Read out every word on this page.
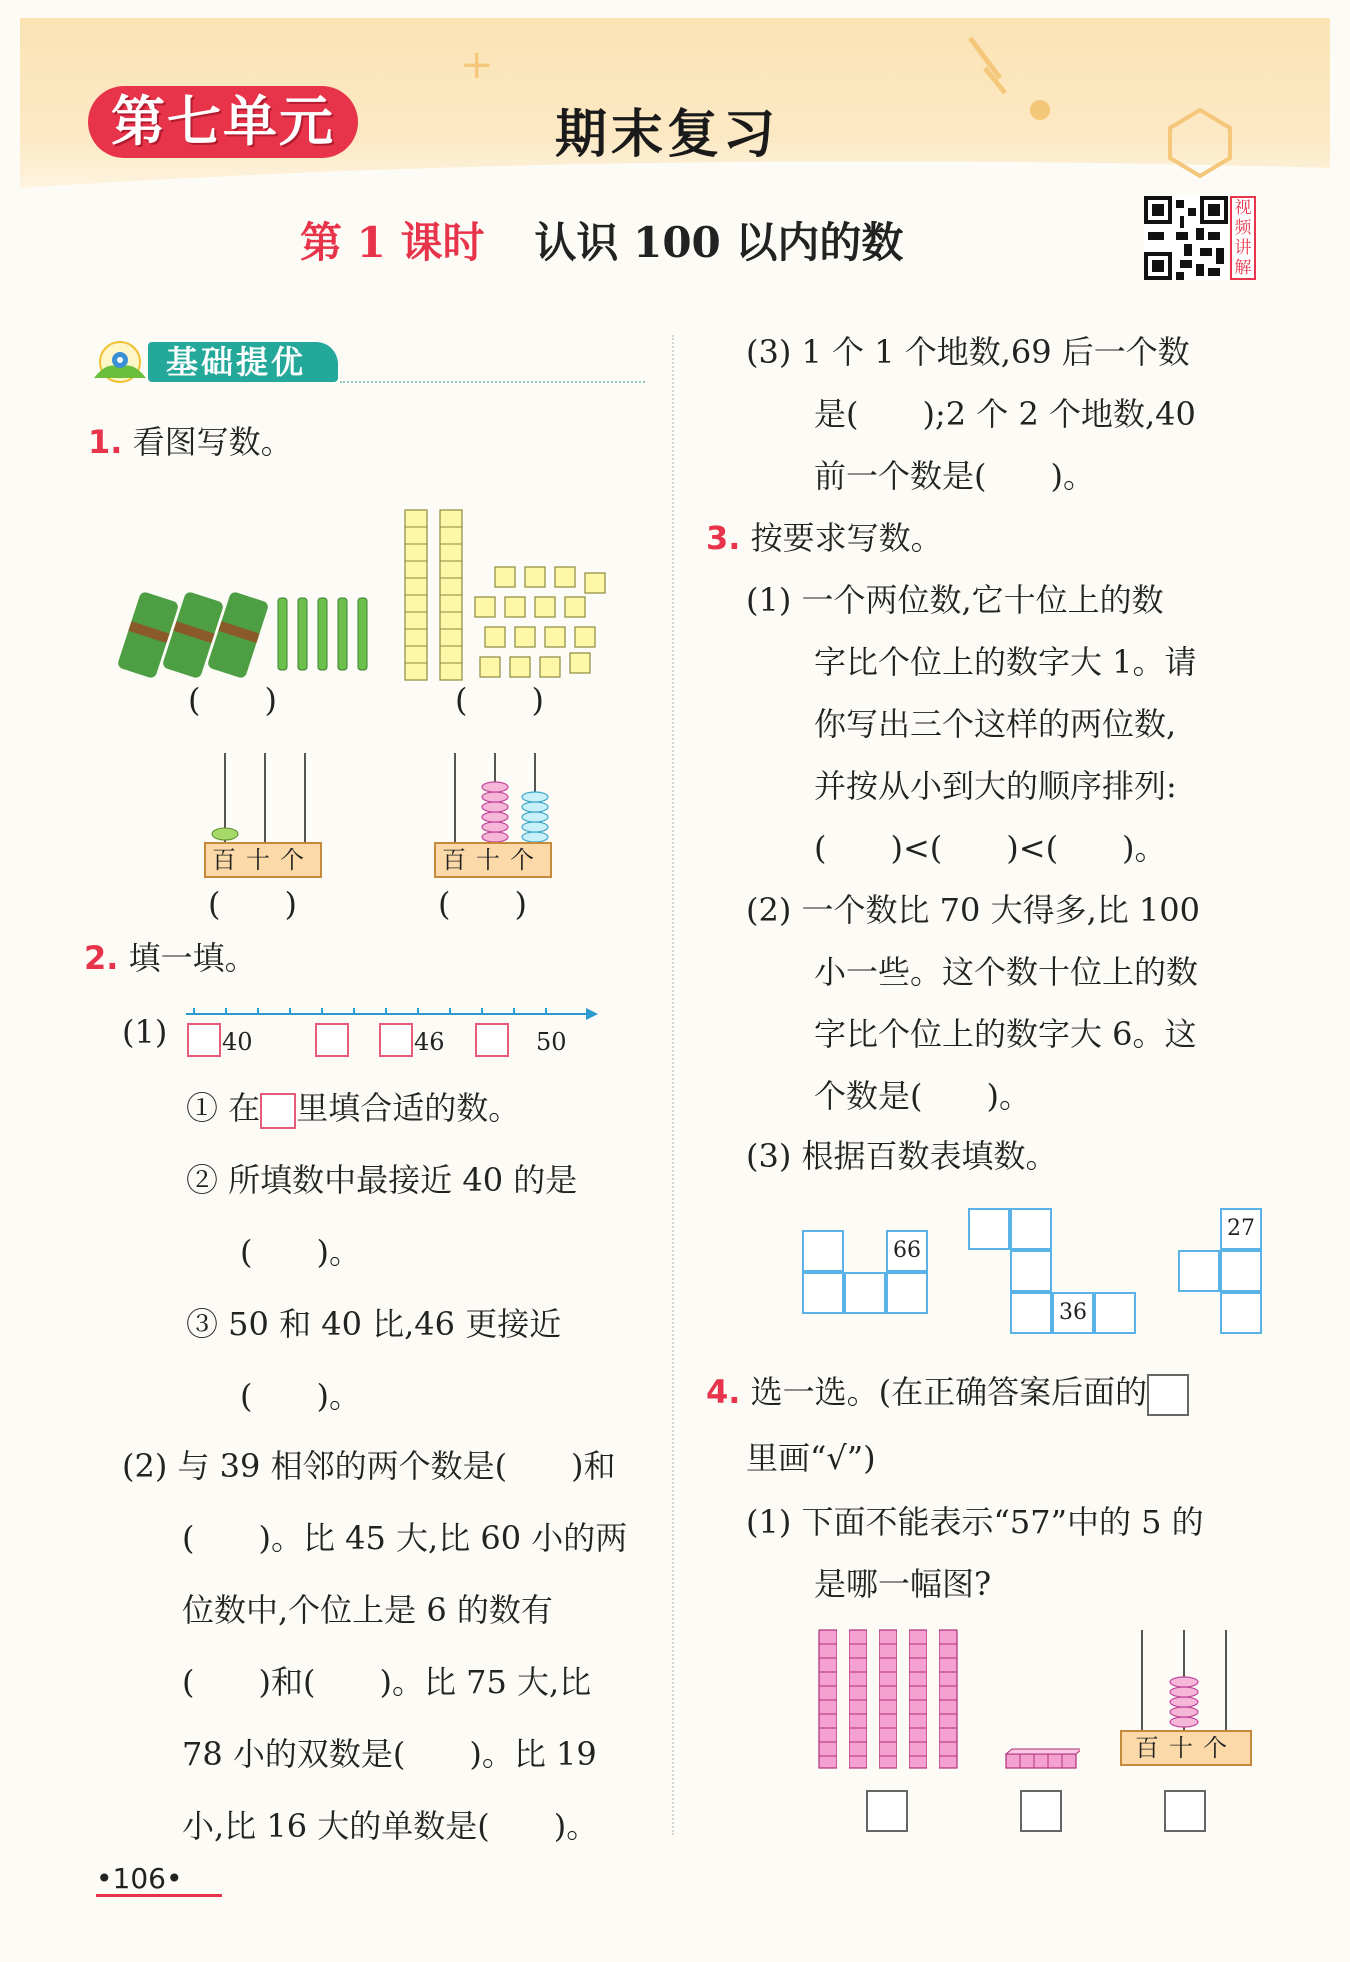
+
第七单元	期末复习
第 1 课时 认识 100 以内的数
视频讲解
基础提优
1. 看图写数。
(　　)	(　　)
百十个
(　　)
百十个
(　　)
2. 填一填。
(1) 40	46	50
① 在 里填合适的数。
② 所填数中最接近 40 的是
(　　)。
③ 50 和 40 比,46 更接近
(　　)。
(2) 与 39 相邻的两个数是(　　)和
(　　)。比 45 大,比 60 小的两
位数中,个位上是 6 的数有
(　　)和(　　)。比 75 大,比
78 小的双数是(　　)。比 19
小,比 16 大的单数是(　　)。
(3) 1 个 1 个地数,69 后一个数
是(　　);2 个 2 个地数,40
前一个数是(　　)。
3. 按要求写数。
(1) 一个两位数,它十位上的数
字比个位上的数字大 1。请
你写出三个这样的两位数,
并按从小到大的顺序排列:
(　　)<(　　)<(　　)。
(2) 一个数比 70 大得多,比 100
小一些。这个数十位上的数
字比个位上的数字大 6。这
个数是(　　)。
(3) 根据百数表填数。
66
36
27
4. 选一选。(在正确答案后面的
里画“√”)
(1) 下面不能表示“57”中的 5 的
是哪一幅图?
百十个
•106•
